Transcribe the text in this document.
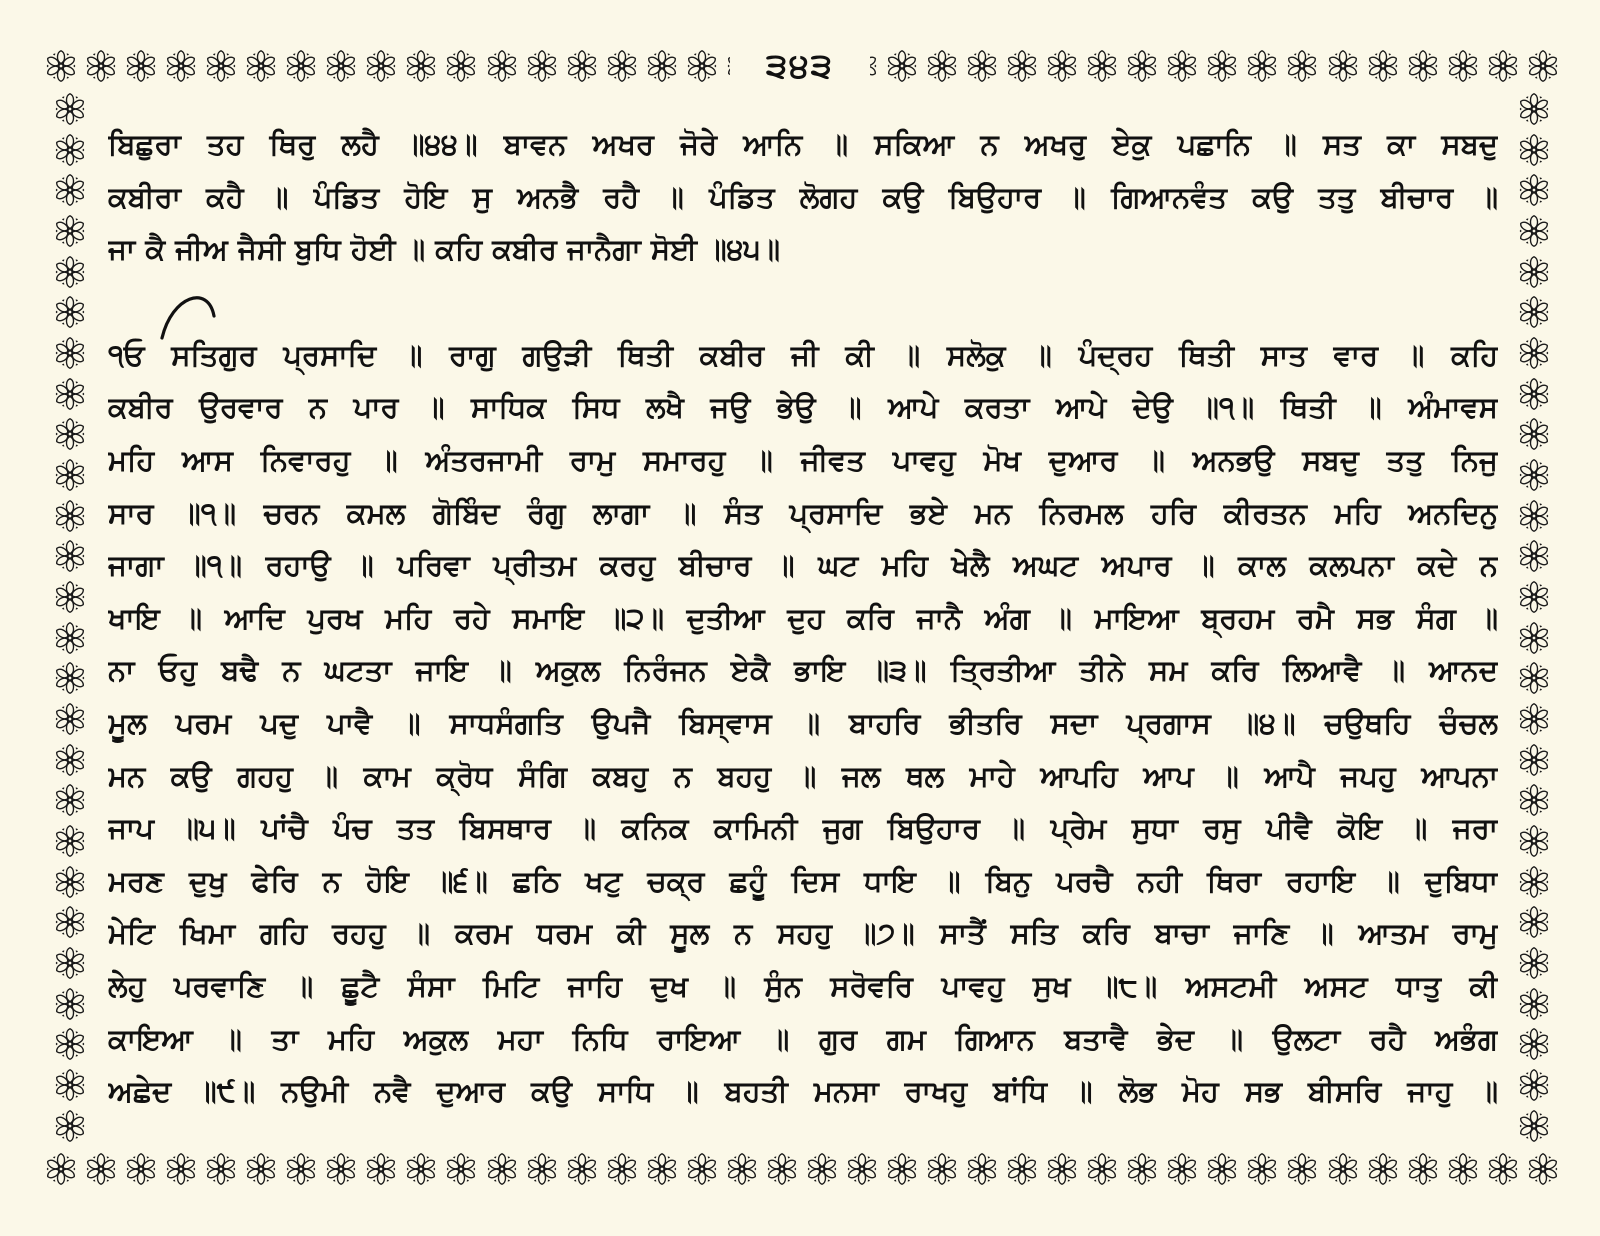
੩੪੩
ਬਿਛੁਰਾ ਤਹ ਥਿਰੁ ਲਹੈ ॥੪੪॥ ਬਾਵਨ ਅਖਰ ਜੋਰੇ ਆਨਿ ॥ ਸਕਿਆ ਨ ਅਖਰੁ ਏਕੁ ਪਛਾਨਿ ॥ ਸਤ ਕਾ ਸਬਦੁ
ਕਬੀਰਾ ਕਹੈ ॥ ਪੰਡਿਤ ਹੋਇ ਸੁ ਅਨਭੈ ਰਹੈ ॥ ਪੰਡਿਤ ਲੋਗਹ ਕਉ ਬਿਉਹਾਰ ॥ ਗਿਆਨਵੰਤ ਕਉ ਤਤੁ ਬੀਚਾਰ ॥
ਜਾ ਕੈ ਜੀਅ ਜੈਸੀ ਬੁਧਿ ਹੋਈ ॥ ਕਹਿ ਕਬੀਰ ਜਾਨੈਗਾ ਸੋਈ ॥੪੫॥
੧ਓ ਸਤਿਗੁਰ ਪ੍ਰਸਾਦਿ ॥ ਰਾਗੁ ਗਉੜੀ ਥਿਤੀ ਕਬੀਰ ਜੀ ਕੀ ॥ ਸਲੋਕੁ ॥ ਪੰਦ੍ਰਹ ਥਿਤੀ ਸਾਤ ਵਾਰ ॥ ਕਹਿ
ਕਬੀਰ ਉਰਵਾਰ ਨ ਪਾਰ ॥ ਸਾਧਿਕ ਸਿਧ ਲਖੈ ਜਉ ਭੇਉ ॥ ਆਪੇ ਕਰਤਾ ਆਪੇ ਦੇਉ ॥੧॥ ਥਿਤੀ ॥ ਅੰਮਾਵਸ
ਮਹਿ ਆਸ ਨਿਵਾਰਹੁ ॥ ਅੰਤਰਜਾਮੀ ਰਾਮੁ ਸਮਾਰਹੁ ॥ ਜੀਵਤ ਪਾਵਹੁ ਮੋਖ ਦੁਆਰ ॥ ਅਨਭਉ ਸਬਦੁ ਤਤੁ ਨਿਜੁ
ਸਾਰ ॥੧॥ ਚਰਨ ਕਮਲ ਗੋਬਿੰਦ ਰੰਗੁ ਲਾਗਾ ॥ ਸੰਤ ਪ੍ਰਸਾਦਿ ਭਏ ਮਨ ਨਿਰਮਲ ਹਰਿ ਕੀਰਤਨ ਮਹਿ ਅਨਦਿਨੁ
ਜਾਗਾ ॥੧॥ ਰਹਾਉ ॥ ਪਰਿਵਾ ਪ੍ਰੀਤਮ ਕਰਹੁ ਬੀਚਾਰ ॥ ਘਟ ਮਹਿ ਖੇਲੈ ਅਘਟ ਅਪਾਰ ॥ ਕਾਲ ਕਲਪਨਾ ਕਦੇ ਨ
ਖਾਇ ॥ ਆਦਿ ਪੁਰਖ ਮਹਿ ਰਹੇ ਸਮਾਇ ॥੨॥ ਦੁਤੀਆ ਦੁਹ ਕਰਿ ਜਾਨੈ ਅੰਗ ॥ ਮਾਇਆ ਬ੍ਰਹਮ ਰਮੈ ਸਭ ਸੰਗ ॥
ਨਾ ਓਹੁ ਬਢੈ ਨ ਘਟਤਾ ਜਾਇ ॥ ਅਕੁਲ ਨਿਰੰਜਨ ਏਕੈ ਭਾਇ ॥੩॥ ਤ੍ਰਿਤੀਆ ਤੀਨੇ ਸਮ ਕਰਿ ਲਿਆਵੈ ॥ ਆਨਦ
ਮੂਲ ਪਰਮ ਪਦੁ ਪਾਵੈ ॥ ਸਾਧਸੰਗਤਿ ਉਪਜੈ ਬਿਸ੍ਵਾਸ ॥ ਬਾਹਰਿ ਭੀਤਰਿ ਸਦਾ ਪ੍ਰਗਾਸ ॥੪॥ ਚਉਥਹਿ ਚੰਚਲ
ਮਨ ਕਉ ਗਹਹੁ ॥ ਕਾਮ ਕ੍ਰੋਧ ਸੰਗਿ ਕਬਹੁ ਨ ਬਹਹੁ ॥ ਜਲ ਥਲ ਮਾਹੇ ਆਪਹਿ ਆਪ ॥ ਆਪੈ ਜਪਹੁ ਆਪਨਾ
ਜਾਪ ॥੫॥ ਪਾਂਚੈ ਪੰਚ ਤਤ ਬਿਸਥਾਰ ॥ ਕਨਿਕ ਕਾਮਿਨੀ ਜੁਗ ਬਿਉਹਾਰ ॥ ਪ੍ਰੇਮ ਸੁਧਾ ਰਸੁ ਪੀਵੈ ਕੋਇ ॥ ਜਰਾ
ਮਰਣ ਦੁਖੁ ਫੇਰਿ ਨ ਹੋਇ ॥੬॥ ਛਠਿ ਖਟੁ ਚਕ੍ਰ ਛਹੂੰ ਦਿਸ ਧਾਇ ॥ ਬਿਨੁ ਪਰਚੈ ਨਹੀ ਥਿਰਾ ਰਹਾਇ ॥ ਦੁਬਿਧਾ
ਮੇਟਿ ਖਿਮਾ ਗਹਿ ਰਹਹੁ ॥ ਕਰਮ ਧਰਮ ਕੀ ਸੂਲ ਨ ਸਹਹੁ ॥੭॥ ਸਾਤੈਂ ਸਤਿ ਕਰਿ ਬਾਚਾ ਜਾਣਿ ॥ ਆਤਮ ਰਾਮੁ
ਲੇਹੁ ਪਰਵਾਣਿ ॥ ਛੂਟੈ ਸੰਸਾ ਮਿਟਿ ਜਾਹਿ ਦੁਖ ॥ ਸੁੰਨ ਸਰੋਵਰਿ ਪਾਵਹੁ ਸੁਖ ॥੮॥ ਅਸਟਮੀ ਅਸਟ ਧਾਤੁ ਕੀ
ਕਾਇਆ ॥ ਤਾ ਮਹਿ ਅਕੁਲ ਮਹਾ ਨਿਧਿ ਰਾਇਆ ॥ ਗੁਰ ਗਮ ਗਿਆਨ ਬਤਾਵੈ ਭੇਦ ॥ ਉਲਟਾ ਰਹੈ ਅਭੰਗ
ਅਛੇਦ ॥੯॥ ਨਉਮੀ ਨਵੈ ਦੁਆਰ ਕਉ ਸਾਧਿ ॥ ਬਹਤੀ ਮਨਸਾ ਰਾਖਹੁ ਬਾਂਧਿ ॥ ਲੋਭ ਮੋਹ ਸਭ ਬੀਸਰਿ ਜਾਹੁ ॥
